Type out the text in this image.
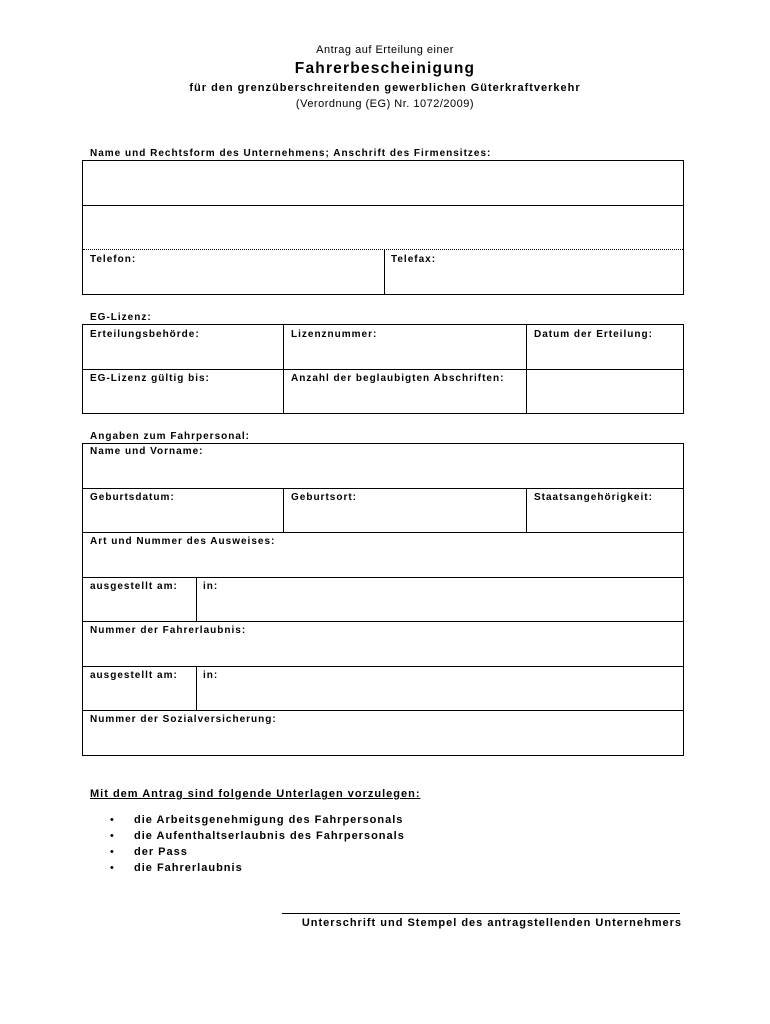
Antrag auf Erteilung einer
Fahrerbescheinigung
für den grenzüberschreitenden gewerblichen Güterkraftverkehr
(Verordnung (EG) Nr. 1072/2009)
Name und Rechtsform des Unternehmens; Anschrift des Firmensitzes:
Telefon:	Telefax:
EG-Lizenz:
Erteilungsbehörde:	Lizenznummer:	Datum der Erteilung:
EG-Lizenz gültig bis:	Anzahl der beglaubigten Abschriften:
Angaben zum Fahrpersonal:
Name und Vorname:
Geburtsdatum:	Geburtsort:	Staatsangehörigkeit:
Art und Nummer des Ausweises:
ausgestellt am:	in:
Nummer der Fahrerlaubnis:
ausgestellt am:	in:
Nummer der Sozialversicherung:
Mit dem Antrag sind folgende Unterlagen vorzulegen:
• die Arbeitsgenehmigung des Fahrpersonals
• die Aufenthaltserlaubnis des Fahrpersonals
• der Pass
• die Fahrerlaubnis
Unterschrift und Stempel des antragstellenden Unternehmers
